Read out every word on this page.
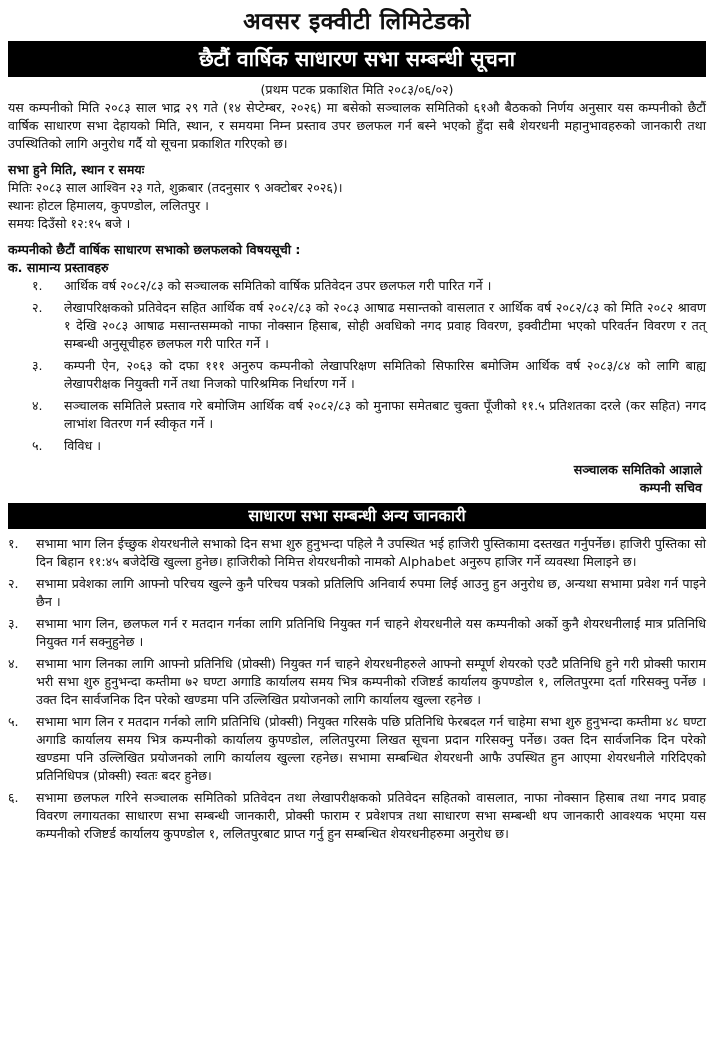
अवसर इक्वीटी लिमिटेडको
छैटौं वार्षिक साधारण सभा सम्बन्धी सूचना
(प्रथम पटक प्रकाशित मिति २०८३/०६/०२)

यस कम्पनीको मिति २०८३ साल भाद्र २९ गते (१४ सेप्टेम्बर, २०२६) मा बसेको सञ्चालक समितिको ६१औ बैठकको निर्णय अनुसार यस कम्पनीको छैटौं वार्षिक साधारण सभा देहायको मिति, स्थान, र समयमा निम्न प्रस्ताव उपर छलफल गर्न बस्ने भएको हुँदा सबै शेयरधनी महानुभावहरुको जानकारी तथा उपस्थितिको लागि अनुरोध गर्दै यो सूचना प्रकाशित गरिएको छ।

सभा हुने मिति, स्थान र समयः
मितिः २०८३ साल आश्विन २३ गते, शुक्रबार (तदनुसार ९ अक्टोबर २०२६)।
स्थानः होटल हिमालय, कुपण्डोल, ललितपुर ।
समयः दिउँसो १२:१५ बजे ।
कम्पनीको छैटौं वार्षिक साधारण सभाको छलफलको विषयसूची :
क. सामान्य प्रस्तावहरु
१.	आर्थिक वर्ष २०८२/८३ को सञ्चालक समितिको वार्षिक प्रतिवेदन उपर छलफल गरी पारित गर्ने ।
२.	लेखापरिक्षकको प्रतिवेदन सहित आर्थिक वर्ष २०८२/८३ को २०८३ आषाढ मसान्तको वासलात र आर्थिक वर्ष २०८२/८३ को मिति २०८२ श्रावण १ देखि २०८३ आषाढ मसान्तसम्मको नाफा नोक्सान हिसाब, सोही अवधिको नगद प्रवाह विवरण, इक्वीटीमा भएको परिवर्तन विवरण र तत् सम्बन्धी अनुसूचीहरु छलफल गरी पारित गर्ने ।
३.	कम्पनी ऐन, २०६३ को दफा १११ अनुरुप कम्पनीको लेखापरिक्षण समितिको सिफारिस बमोजिम आर्थिक वर्ष २०८३/८४ को लागि बाह्य लेखापरीक्षक नियुक्ती गर्ने तथा निजको पारिश्रमिक निर्धारण गर्ने ।
४.	सञ्चालक समितिले प्रस्ताव गरे बमोजिम आर्थिक वर्ष २०८२/८३ को मुनाफा समेतबाट चुक्ता पूँजीको ११.५ प्रतिशतका दरले (कर सहित) नगद लाभांश वितरण गर्न स्वीकृत गर्ने ।
५.	विविध ।
सञ्चालक समितिको आज्ञाले
कम्पनी सचिव
साधारण सभा सम्बन्धी अन्य जानकारी
१.	सभामा भाग लिन ईच्छुक शेयरधनीले सभाको दिन सभा शुरु हुनुभन्दा पहिले नै उपस्थित भई हाजिरी पुस्तिकामा दस्तखत गर्नुपर्नेछ। हाजिरी पुस्तिका सो दिन बिहान ११:४५ बजेदेखि खुल्ला हुनेछ। हाजिरीको निमित्त शेयरधनीको नामको Alphabet अनुरुप हाजिर गर्ने व्यवस्था मिलाइने छ।
२.	सभामा प्रवेशका लागि आफ्नो परिचय खुल्ने कुनै परिचय पत्रको प्रतिलिपि अनिवार्य रुपमा लिई आउनु हुन अनुरोध छ, अन्यथा सभामा प्रवेश गर्न पाइने छैन ।
३.	सभामा भाग लिन, छलफल गर्न र मतदान गर्नका लागि प्रतिनिधि नियुक्त गर्न चाहने शेयरधनीले यस कम्पनीको अर्को कुनै शेयरधनीलाई मात्र प्रतिनिधि नियुक्त गर्न सक्नुहुनेछ ।
४.	सभामा भाग लिनका लागि आफ्नो प्रतिनिधि (प्रोक्सी) नियुक्त गर्न चाहने शेयरधनीहरुले आफ्नो सम्पूर्ण शेयरको एउटै प्रतिनिधि हुने गरी प्रोक्सी फाराम भरी सभा शुरु हुनुभन्दा कम्तीमा ७२ घण्टा अगाडि कार्यालय समय भित्र कम्पनीको रजिष्टर्ड कार्यालय कुपण्डोल १, ललितपुरमा दर्ता गरिसक्नु पर्नेछ । उक्त दिन सार्वजनिक दिन परेको खण्डमा पनि उल्लिखित प्रयोजनको लागि कार्यालय खुल्ला रहनेछ ।
५.	सभामा भाग लिन र मतदान गर्नको लागि प्रतिनिधि (प्रोक्सी) नियुक्त गरिसके पछि प्रतिनिधि फेरबदल गर्न चाहेमा सभा शुरु हुनुभन्दा कम्तीमा ४८ घण्टा अगाडि कार्यालय समय भित्र कम्पनीको कार्यालय कुपण्डोल, ललितपुरमा लिखत सूचना प्रदान गरिसक्नु पर्नेछ। उक्त दिन सार्वजनिक दिन परेको खण्डमा पनि उल्लिखित प्रयोजनको लागि कार्यालय खुल्ला रहनेछ। सभामा सम्बन्धित शेयरधनी आफै उपस्थित हुन आएमा शेयरधनीले गरिदिएको प्रतिनिधिपत्र (प्रोक्सी) स्वतः बदर हुनेछ।
६.	सभामा छलफल गरिने सञ्चालक समितिको प्रतिवेदन तथा लेखापरीक्षकको प्रतिवेदन सहितको वासलात, नाफा नोक्सान हिसाब तथा नगद प्रवाह विवरण लगायतका साधारण सभा सम्बन्धी जानकारी, प्रोक्सी फाराम र प्रवेशपत्र तथा साधारण सभा सम्बन्धी थप जानकारी आवश्यक भएमा यस कम्पनीको रजिष्टर्ड कार्यालय कुपण्डोल १, ललितपुरबाट प्राप्त गर्नु हुन सम्बन्धित शेयरधनीहरुमा अनुरोध छ।
